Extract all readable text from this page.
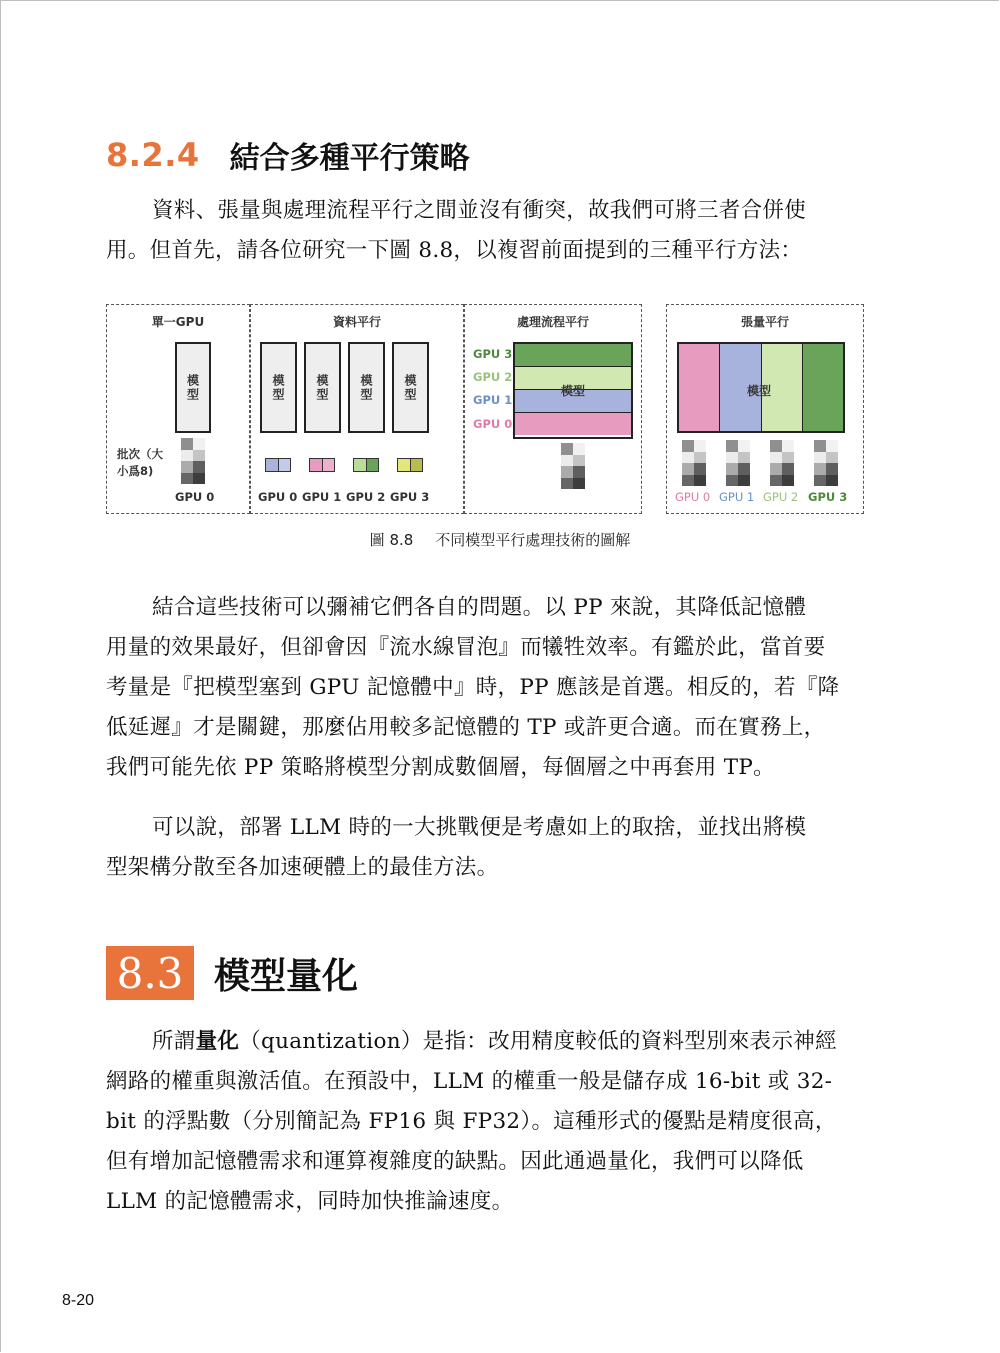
8.2.4 結合多種平行策略
資料、張量與處理流程平行之間並沒有衝突，故我們可將三者合併使
用。但首先，請各位研究一下圖 8.8，以複習前面提到的三種平行方法：
單一GPU
模型
批次（大
小爲8)
GPU 0
資料平行
模型	模型	模型	模型
GPU 0 GPU 1 GPU 2 GPU 3
處理流程平行
GPU 3
GPU 2
GPU 1
GPU 0
模型
張量平行
模型
GPU 0 GPU 1 GPU 2 GPU 3
圖 8.8 不同模型平行處理技術的圖解
結合這些技術可以彌補它們各自的問題。以 PP 來說，其降低記憶體
用量的效果最好，但卻會因『流水線冒泡』而犧牲效率。有鑑於此，當首要
考量是『把模型塞到 GPU 記憶體中』時，PP 應該是首選。相反的，若『降
低延遲』才是關鍵，那麼佔用較多記憶體的 TP 或許更合適。而在實務上，
我們可能先依 PP 策略將模型分割成數個層，每個層之中再套用 TP。
可以說，部署 LLM 時的一大挑戰便是考慮如上的取捨，並找出將模
型架構分散至各加速硬體上的最佳方法。
8.3 模型量化
所謂量化（quantization）是指：改用精度較低的資料型別來表示神經
網路的權重與激活值。在預設中，LLM 的權重一般是儲存成 16-bit 或 32-
bit 的浮點數（分別簡記為 FP16 與 FP32）。這種形式的優點是精度很高，
但有增加記憶體需求和運算複雜度的缺點。因此通過量化，我們可以降低
LLM 的記憶體需求，同時加快推論速度。
8-20
